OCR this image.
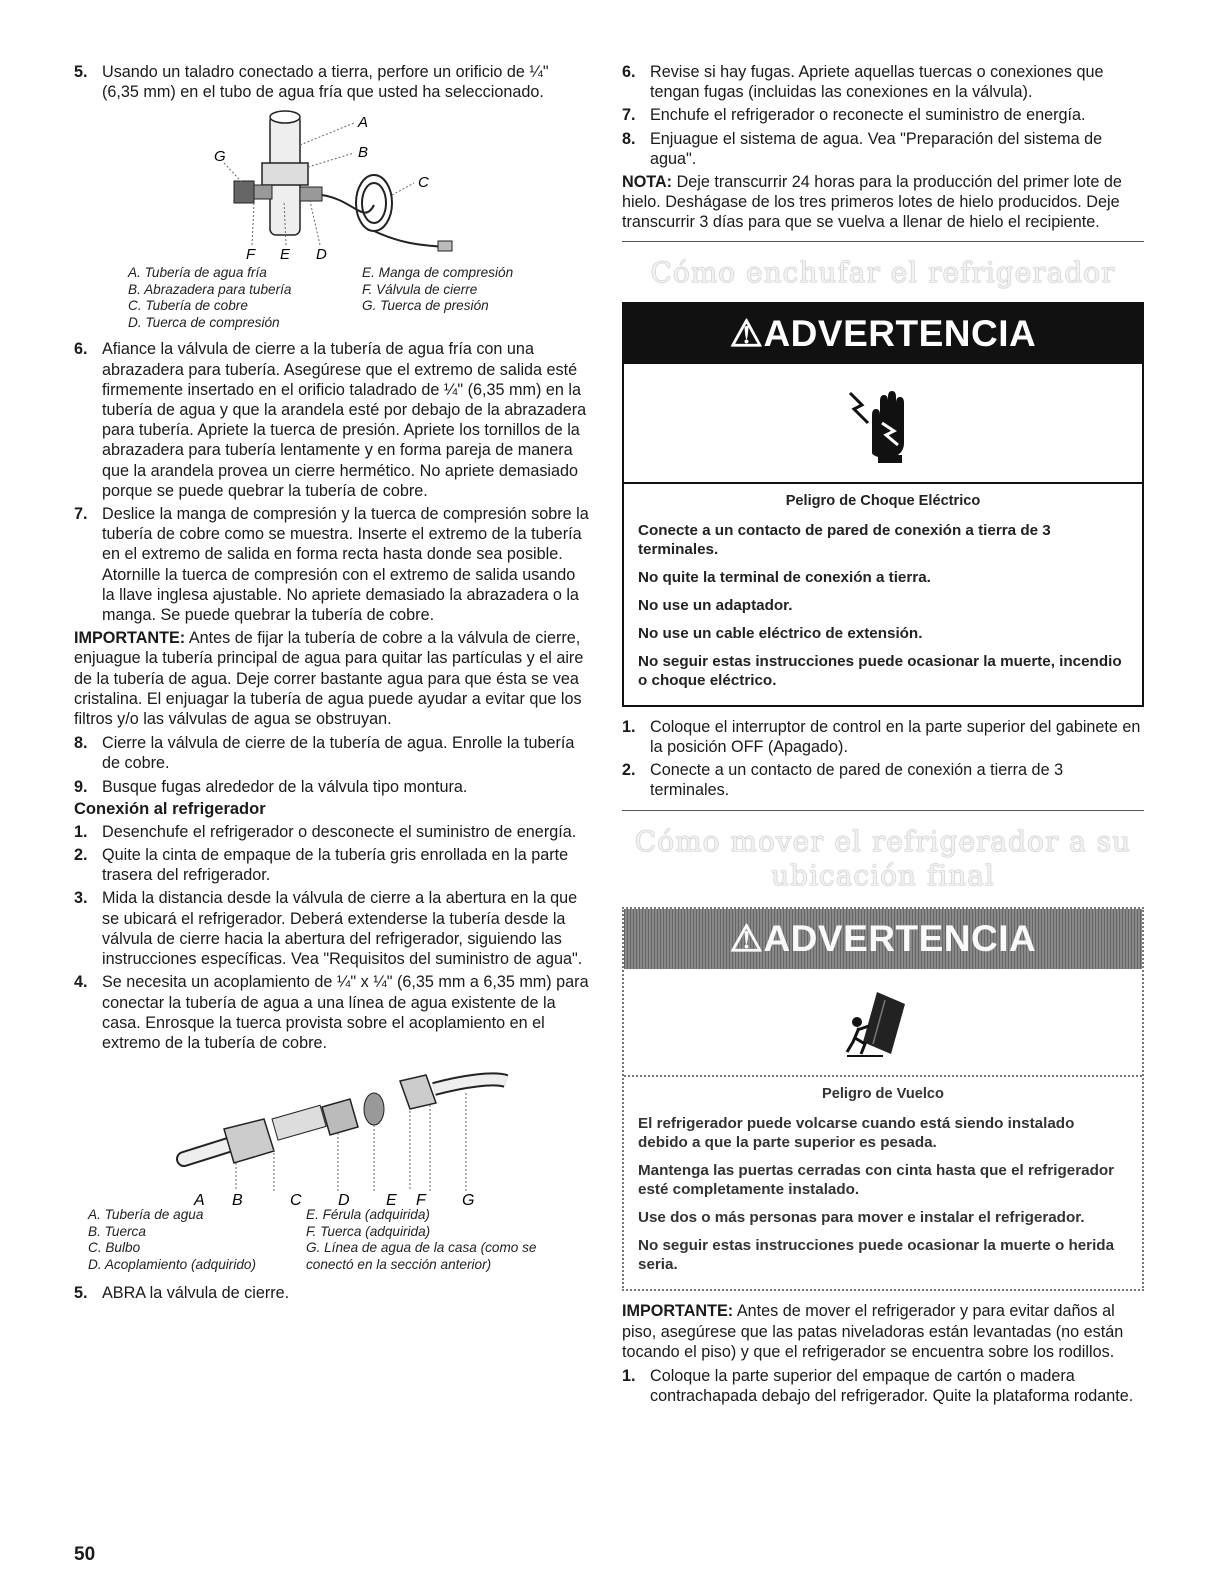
5. Usando un taladro conectado a tierra, perfore un orificio de ¼" (6,35 mm) en el tubo de agua fría que usted ha seleccionado.
A
B
C
D
E
F
G
A. Tubería de agua fría	E. Manga de compresión
B. Abrazadera para tubería	F. Válvula de cierre
C. Tubería de cobre	G. Tuerca de presión
D. Tuerca de compresión
6. Afiance la válvula de cierre a la tubería de agua fría con una abrazadera para tubería. Asegúrese que el extremo de salida esté firmemente insertado en el orificio taladrado de ¼" (6,35 mm) en la tubería de agua y que la arandela esté por debajo de la abrazadera para tubería. Apriete la tuerca de presión. Apriete los tornillos de la abrazadera para tubería lentamente y en forma pareja de manera que la arandela provea un cierre hermético. No apriete demasiado porque se puede quebrar la tubería de cobre.
7. Deslice la manga de compresión y la tuerca de compresión sobre la tubería de cobre como se muestra. Inserte el extremo de la tubería en el extremo de salida en forma recta hasta donde sea posible. Atornille la tuerca de compresión con el extremo de salida usando la llave inglesa ajustable. No apriete demasiado la abrazadera o la manga. Se puede quebrar la tubería de cobre.
IMPORTANTE: Antes de fijar la tubería de cobre a la válvula de cierre, enjuague la tubería principal de agua para quitar las partículas y el aire de la tubería de agua. Deje correr bastante agua para que ésta se vea cristalina. El enjuagar la tubería de agua puede ayudar a evitar que los filtros y/o las válvulas de agua se obstruyan.
8. Cierre la válvula de cierre de la tubería de agua. Enrolle la tubería de cobre.
9. Busque fugas alrededor de la válvula tipo montura.
Conexión al refrigerador
1. Desenchufe el refrigerador o desconecte el suministro de energía.
2. Quite la cinta de empaque de la tubería gris enrollada en la parte trasera del refrigerador.
3. Mida la distancia desde la válvula de cierre a la abertura en la que se ubicará el refrigerador. Deberá extenderse la tubería desde la válvula de cierre hacia la abertura del refrigerador, siguiendo las instrucciones específicas. Vea "Requisitos del suministro de agua".
4. Se necesita un acoplamiento de ¼" x ¼" (6,35 mm a 6,35 mm) para conectar la tubería de agua a una línea de agua existente de la casa. Enrosque la tuerca provista sobre el acoplamiento en el extremo de la tubería de cobre.
A B	C D E F G
A. Tubería de agua
B. Tuerca
C. Bulbo
D. Acoplamiento (adquirido)
E. Férula (adquirida)
F. Tuerca (adquirida)
G. Línea de agua de la casa (como se conectó en la sección anterior)
5. ABRA la válvula de cierre.
6. Revise si hay fugas. Apriete aquellas tuercas o conexiones que tengan fugas (incluidas las conexiones en la válvula).
7. Enchufe el refrigerador o reconecte el suministro de energía.
8. Enjuague el sistema de agua. Vea "Preparación del sistema de agua".
NOTA: Deje transcurrir 24 horas para la producción del primer lote de hielo. Deshágase de los tres primeros lotes de hielo producidos. Deje transcurrir 3 días para que se vuelva a llenar de hielo el recipiente.
Cómo enchufar el refrigerador
⚠ADVERTENCIA
Peligro de Choque Eléctrico

Conecte a un contacto de pared de conexión a tierra de 3 terminales.

No quite la terminal de conexión a tierra.

No use un adaptador.

No use un cable eléctrico de extensión.

No seguir estas instrucciones puede ocasionar la muerte, incendio o choque eléctrico.

1. Coloque el interruptor de control en la parte superior del gabinete en la posición OFF (Apagado).
2. Conecte a un contacto de pared de conexión a tierra de 3 terminales.
Cómo mover el refrigerador a su
ubicación final
⚠ADVERTENCIA
Peligro de Vuelco

El refrigerador puede volcarse cuando está siendo instalado debido a que la parte superior es pesada.

Mantenga las puertas cerradas con cinta hasta que el refrigerador esté completamente instalado.

Use dos o más personas para mover e instalar el refrigerador.

No seguir estas instrucciones puede ocasionar la muerte o herida seria.

IMPORTANTE: Antes de mover el refrigerador y para evitar daños al piso, asegúrese que las patas niveladoras están levantadas (no están tocando el piso) y que el refrigerador se encuentra sobre los rodillos.
1. Coloque la parte superior del empaque de cartón o madera contrachapada debajo del refrigerador. Quite la plataforma rodante.
50
